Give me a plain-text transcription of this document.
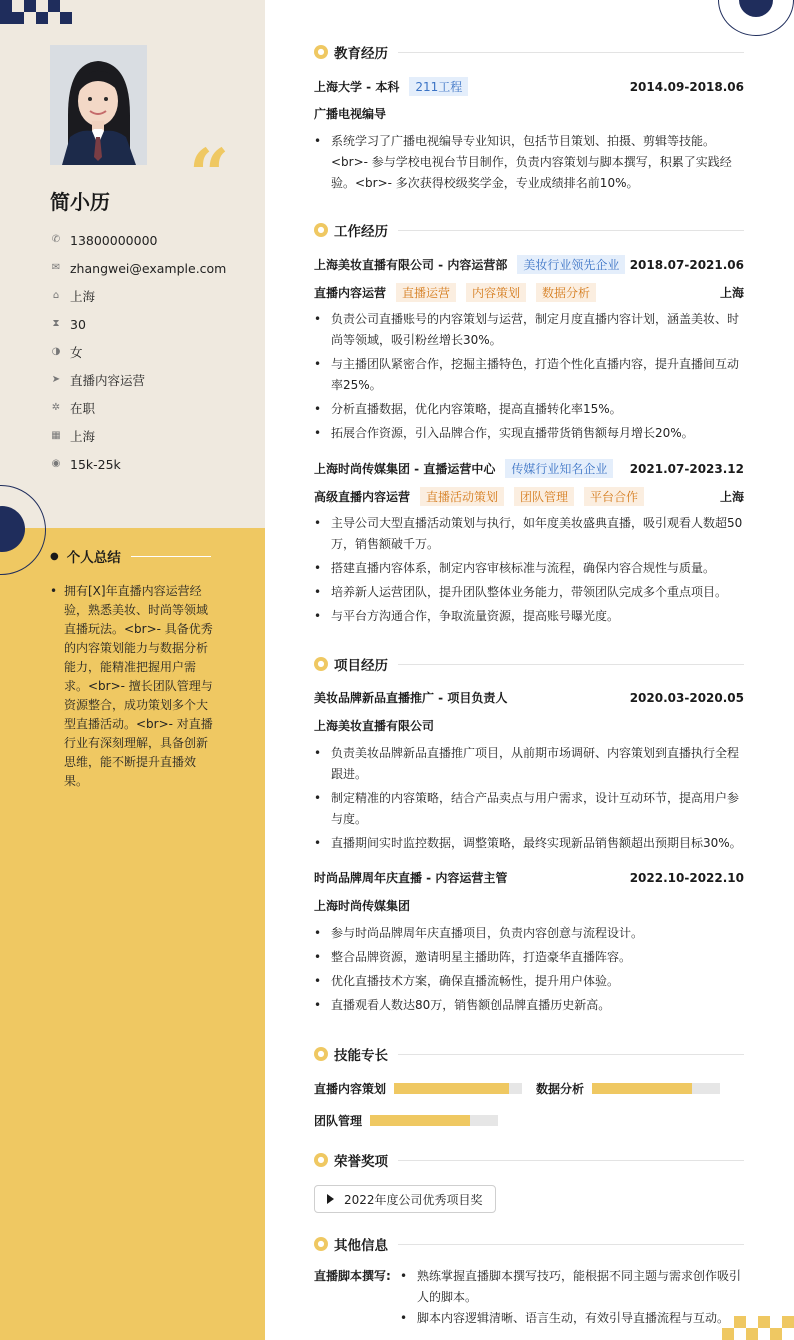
“
简小历
✆ 13800000000
✉ zhangwei@example.com
⌂ 上海
⧗ 30
◑ 女
➤ 直播内容运营
✲ 在职
▦ 上海
◉ 15k-25k
● 个人总结
• 拥有[X]年直播内容运营经验，熟悉美妆、时尚等领域直播玩法。<br>- 具备优秀的内容策划能力与数据分析能力，能精准把握用户需求。<br>- 擅长团队管理与资源整合，成功策划多个大型直播活动。<br>- 对直播行业有深刻理解，具备创新思维，能不断提升直播效果。
● 教育经历
上海大学 - 本科	211工程	2014.09-2018.06
广播电视编导
• 系统学习了广播电视编导专业知识，包括节目策划、拍摄、剪辑等技能。<br>- 参与学校电视台节目制作，负责内容策划与脚本撰写，积累了实践经验。<br>- 多次获得校级奖学金，专业成绩排名前10%。
● 工作经历
上海美妆直播有限公司 - 内容运营部	美妆行业领先企业 2018.07-2021.06
直播内容运营	直播运营	内容策划	数据分析	上海
• 负责公司直播账号的内容策划与运营，制定月度直播内容计划，涵盖美妆、时尚等领域，吸引粉丝增长30%。
• 与主播团队紧密合作，挖掘主播特色，打造个性化直播内容，提升直播间互动率25%。
• 分析直播数据，优化内容策略，提高直播转化率15%。
• 拓展合作资源，引入品牌合作，实现直播带货销售额每月增长20%。
上海时尚传媒集团 - 直播运营中心	传媒行业知名企业	2021.07-2023.12
高级直播内容运营	直播活动策划	团队管理	平台合作	上海
• 主导公司大型直播活动策划与执行，如年度美妆盛典直播，吸引观看人数超50万，销售额破千万。
• 搭建直播内容体系，制定内容审核标准与流程，确保内容合规性与质量。
• 培养新人运营团队，提升团队整体业务能力，带领团队完成多个重点项目。
• 与平台方沟通合作，争取流量资源，提高账号曝光度。
● 项目经历
美妆品牌新品直播推广 - 项目负责人	2020.03-2020.05
上海美妆直播有限公司
• 负责美妆品牌新品直播推广项目，从前期市场调研、内容策划到直播执行全程跟进。
• 制定精准的内容策略，结合产品卖点与用户需求，设计互动环节，提高用户参与度。
• 直播期间实时监控数据，调整策略，最终实现新品销售额超出预期目标30%。
时尚品牌周年庆直播 - 内容运营主管	2022.10-2022.10
上海时尚传媒集团
• 参与时尚品牌周年庆直播项目，负责内容创意与流程设计。
• 整合品牌资源，邀请明星主播助阵，打造豪华直播阵容。
• 优化直播技术方案，确保直播流畅性，提升用户体验。
• 直播观看人数达80万，销售额创品牌直播历史新高。
● 技能专长
直播内容策划	数据分析
团队管理
● 荣誉奖项
2022年度公司优秀项目奖
● 其他信息
直播脚本撰写:
•	熟练掌握直播脚本撰写技巧，能根据不同主题与需求创作吸引人的脚本。
• 脚本内容逻辑清晰、语言生动，有效引导直播流程与互动。
